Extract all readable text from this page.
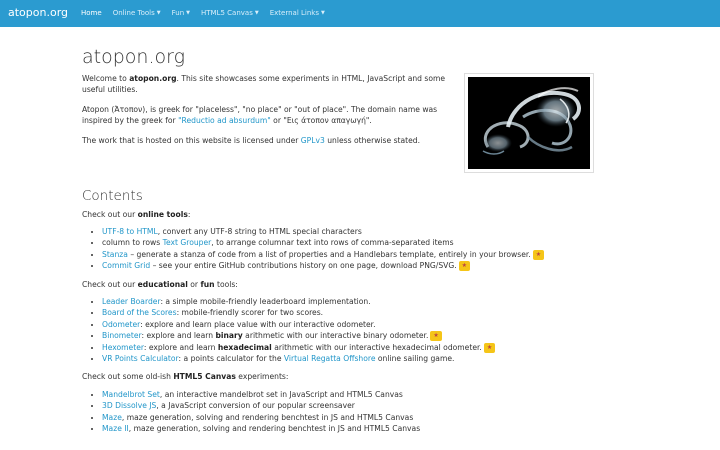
atopon.org Home Online Tools ▼ Fun ▼ HTML5 Canvas ▼ External Links ▼
atopon.org

Welcome to atopon.org. This site showcases some experiments in HTML, JavaScript and some useful utilities.

Atopon (Άτοπον), is greek for "placeless", "no place" or "out of place". The domain name was inspired by the greek for "Reductio ad absurdum" or "Εις άτοπον απαγωγή".

The work that is hosted on this website is licensed under GPLv3 unless otherwise stated.

Contents

Check out our online tools:

• UTF-8 to HTML, convert any UTF-8 string to HTML special characters
• column to rows Text Grouper, to arrange columnar text into rows of comma-separated items
• Stanza – generate a stanza of code from a list of properties and a Handlebars template, entirely in your browser. ★
• Commit Grid – see your entire GitHub contributions history on one page, download PNG/SVG. ★

Check out our educational or fun tools:

• Leader Boarder: a simple mobile-friendly leaderboard implementation.
• Board of the Scores: mobile-friendly scorer for two scores.
• Odometer: explore and learn place value with our interactive odometer.
• Binometer: explore and learn binary arithmetic with our interactive binary odometer. ★
• Hexometer: explore and learn hexadecimal arithmetic with our interactive hexadecimal odometer. ★
• VR Points Calculator: a points calculator for the Virtual Regatta Offshore online sailing game.

Check out some old-ish HTML5 Canvas experiments:

• Mandelbrot Set, an interactive mandelbrot set in JavaScript and HTML5 Canvas
• 3D Dissolve JS, a JavaScript conversion of our popular screensaver
• Maze, maze generation, solving and rendering benchtest in JS and HTML5 Canvas
• Maze II, maze generation, solving and rendering benchtest in JS and HTML5 Canvas
